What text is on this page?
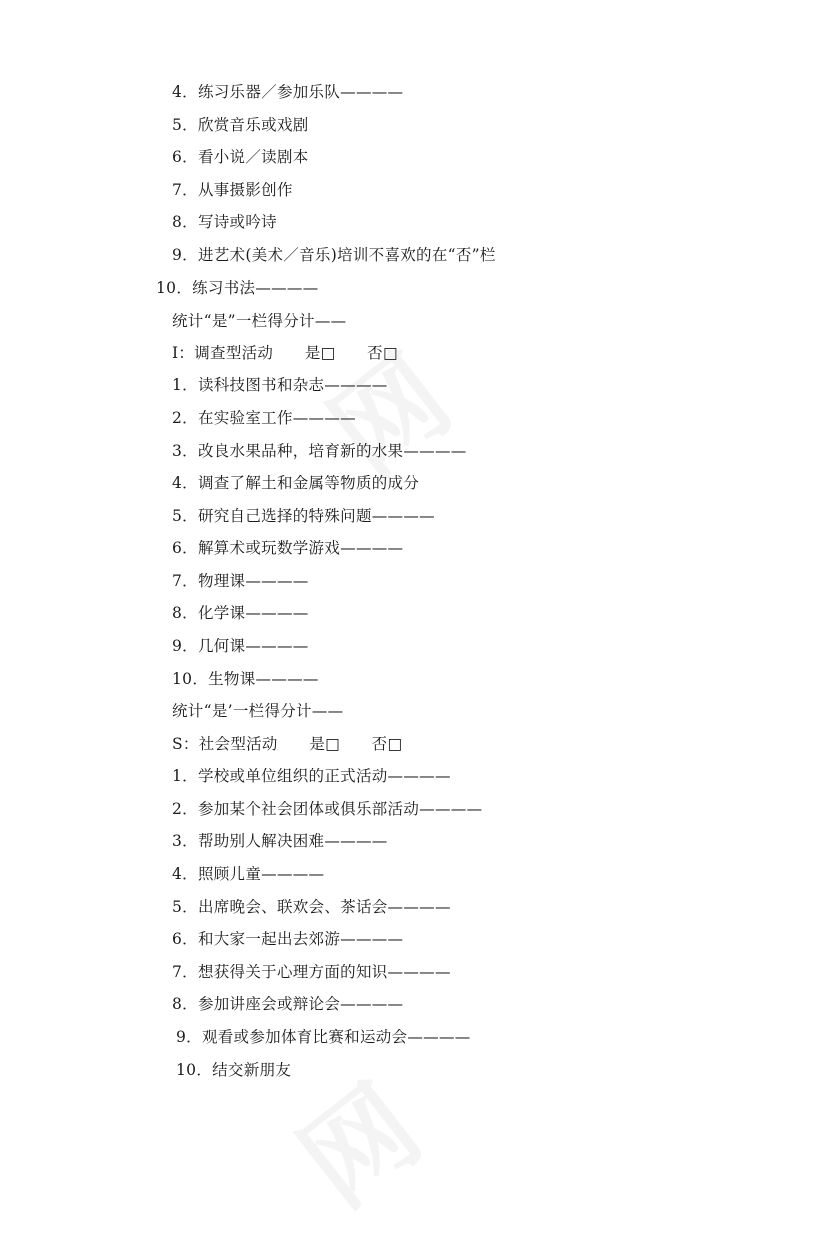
4．练习乐器／参加乐队————
5．欣赏音乐或戏剧
6．看小说／读剧本
7．从事摄影创作
8．写诗或吟诗
9．进艺术(美术／音乐)培训不喜欢的在“否”栏
10．练习书法————
统计“是”一栏得分计——
I：调查型活动　　是□　　否□
1．读科技图书和杂志————
2．在实验室工作————
3．改良水果品种，培育新的水果————
4．调查了解土和金属等物质的成分
5．研究自己选择的特殊问题————
6．解算术或玩数学游戏————
7．物理课————
8．化学课————
9．几何课————
10．生物课————
统计“是’一栏得分计——
S：社会型活动　　是□　　否□
1．学校或单位组织的正式活动————
2．参加某个社会团体或俱乐部活动————
3．帮助别人解决困难————
4．照顾儿童————
5．出席晚会、联欢会、茶话会————
6．和大家一起出去郊游————
7．想获得关于心理方面的知识————
8．参加讲座会或辩论会————
9．观看或参加体育比赛和运动会————
10．结交新朋友
